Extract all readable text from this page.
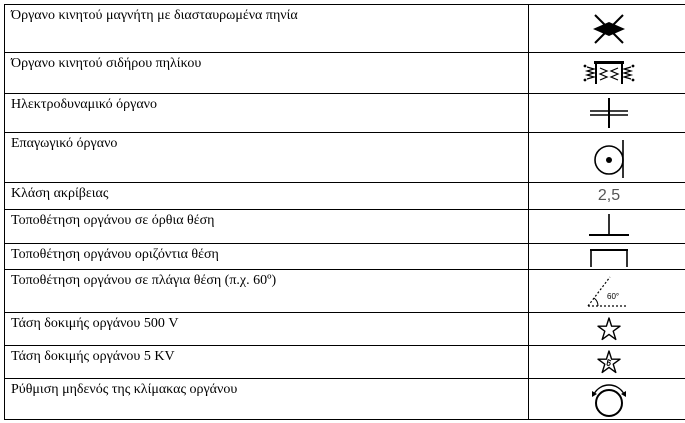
Όργανο κινητού μαγνήτη με διασταυρωμένα πηνία	

Όργανο κινητού σιδήρου πηλίκου	

Ηλεκτροδυναμικό όργανο	

Επαγωγικό όργανο	

Κλάση ακρίβειας	2,5
Τοποθέτηση οργάνου σε όρθια θέση	

Τοποθέτηση οργάνου οριζόντια θέση	

Τοποθέτηση οργάνου σε πλάγια θέση (π.χ. 60º)	60°

Τάση δοκιμής οργάνου 500 V	

Τάση δοκιμής οργάνου 5 KV	

Ρύθμιση μηδενός της κλίμακας οργάνου	
